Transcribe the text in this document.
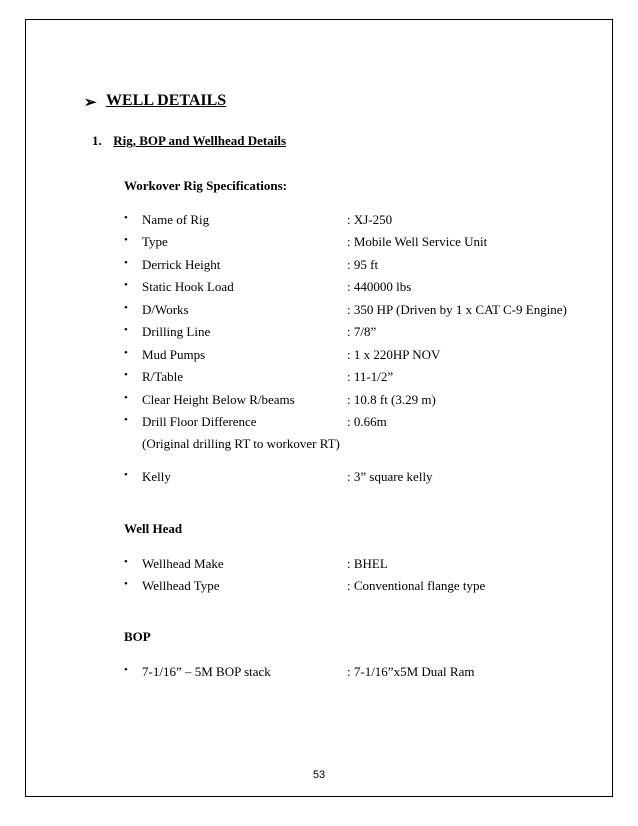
➢ WELL DETAILS
1. Rig, BOP and Wellhead Details
Workover Rig Specifications:
• Name of Rig	: XJ-250
• Type	: Mobile Well Service Unit
• Derrick Height	: 95 ft
• Static Hook Load	: 440000 lbs
• D/Works	: 350 HP (Driven by 1 x CAT C-9 Engine)
• Drilling Line	: 7/8”
• Mud Pumps	: 1 x 220HP NOV
• R/Table	: 11-1/2”
• Clear Height Below R/beams	: 10.8 ft (3.29 m)
• Drill Floor Difference	: 0.66m
(Original drilling RT to workover RT)
• Kelly	: 3” square kelly
Well Head
• Wellhead Make	: BHEL
• Wellhead Type	: Conventional flange type
BOP
• 7-1/16” – 5M BOP stack	: 7-1/16”x5M Dual Ram
53
